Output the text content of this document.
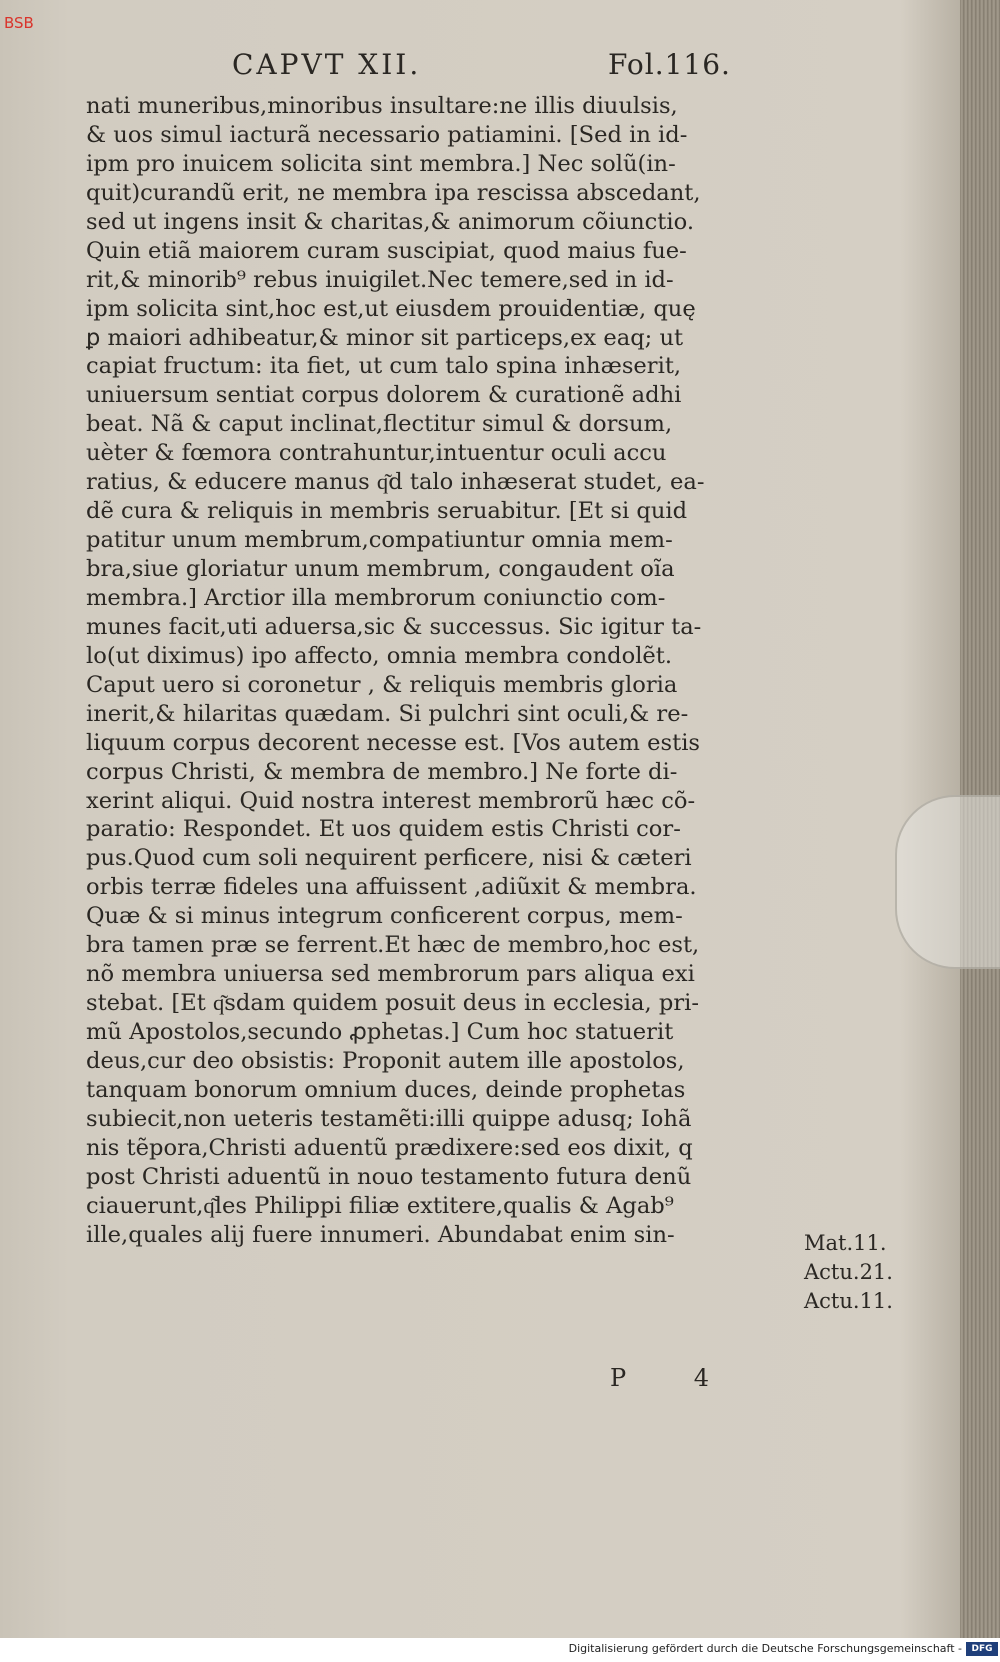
BSB
CAPVT XII.	Fol.116.
nati muneribus,minoribus insultare:ne illis diuulsis,
& uos simul iacturã necessario patiamini. [Sed in id-
ipm pro inuicem solicita sint membra.] Nec solũ(in-
quit)curandũ erit, ne membra ipa rescissa abscedant,
sed ut ingens insit & charitas,& animorum cõiunctio.
Quin etiã maiorem curam suscipiat, quod maius fue-
rit,& minorib⁹ rebus inuigilet.Nec temere,sed in id-
ipm solicita sint,hoc est,ut eiusdem prouidentiæ, quę
ꝑ maiori adhibeatur,& minor sit particeps,ex eaq; ut
capiat fructum: ita fiet, ut cum talo spina inhæserit,
uniuersum sentiat corpus dolorem & curationẽ adhi
beat. Nã & caput inclinat,flectitur simul & dorsum,
uèter & fœmora contrahuntur,intuentur oculi accu
ratius, & educere manus q͂d talo inhæserat studet, ea-
dẽ cura & reliquis in membris seruabitur. [Et si quid
patitur unum membrum,compatiuntur omnia mem-
bra,siue gloriatur unum membrum, congaudent oĩa
membra.] Arctior illa membrorum coniunctio com-
munes facit,uti aduersa,sic & successus. Sic igitur ta-
lo(ut diximus) ipo affecto, omnia membra condolẽt.
Caput uero si coronetur , & reliquis membris gloria
inerit,& hilaritas quædam. Si pulchri sint oculi,& re-
liquum corpus decorent necesse est. [Vos autem estis
corpus Christi, & membra de membro.] Ne forte di-
xerint aliqui. Quid nostra interest membrorũ hæc cõ-
paratio: Respondet. Et uos quidem estis Christi cor-
pus.Quod cum soli nequirent perficere, nisi & cæteri
orbis terræ fideles una affuissent ,adiũxit & membra.
Quæ & si minus integrum conficerent corpus, mem-
bra tamen præ se ferrent.Et hæc de membro,hoc est,
nõ membra uniuersa sed membrorum pars aliqua exi
stebat. [Et q͂sdam quidem posuit deus in ecclesia, pri-
mũ Apostolos,secundo ꝓphetas.] Cum hoc statuerit
deus,cur deo obsistis: Proponit autem ille apostolos,
tanquam bonorum omnium duces, deinde prophetas
subiecit,non ueteris testamẽti:illi quippe adusq; Iohã
nis tẽpora,Christi aduentũ prædixere:sed eos dixit, q
post Christi aduentũ in nouo testamento futura denũ
ciauerunt,q͂les Philippi filiæ extitere,qualis & Agab⁹
ille,quales alij fuere innumeri. Abundabat enim sin-	Mat.11.
Actu.21.
Actu.11.
P 4
Digitalisierung gefördert durch die Deutsche Forschungsgemeinschaft -	DFG
